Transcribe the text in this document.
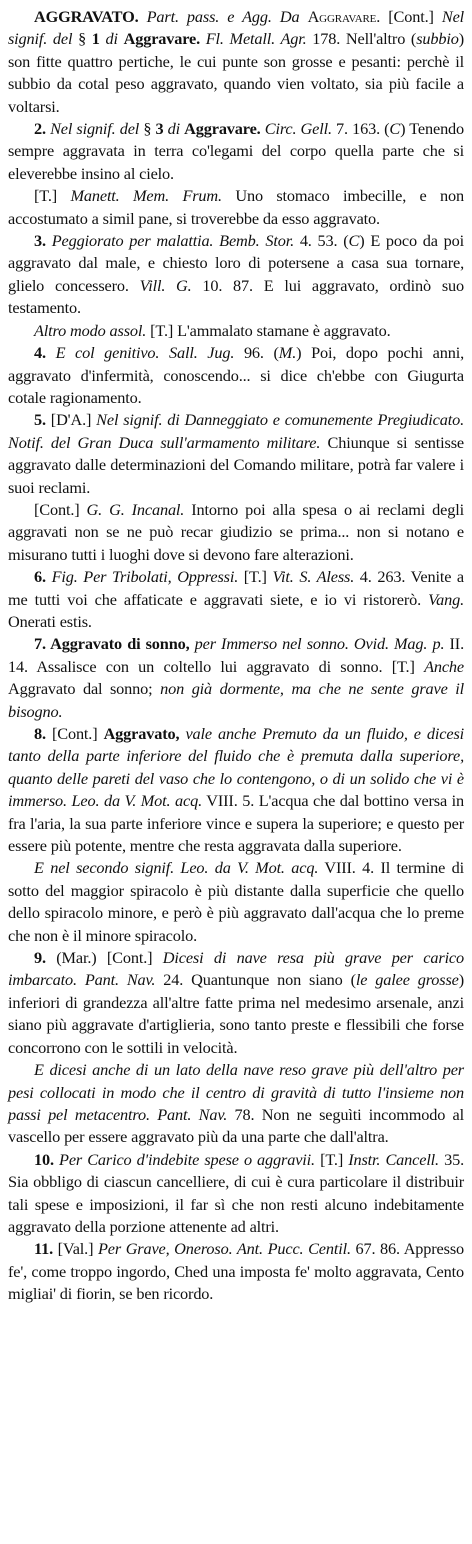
AGGRAVATO. Part. pass. e Agg. Da Aggravare. [Cont.] Nel signif. del § 1 di Aggravare. Fl. Metall. Agr. 178. Nell'altro (subbio) son fitte quattro pertiche, le cui punte son grosse e pesanti: perchè il subbio da cotal peso aggravato, quando vien voltato, sia più facile a voltarsi.

2. Nel signif. del § 3 di Aggravare. Circ. Gell. 7. 163. (C) Tenendo sempre aggravata in terra co'legami del corpo quella parte che si eleverebbe insino al cielo.

[T.] Manett. Mem. Frum. Uno stomaco imbecille, e non accostumato a simil pane, si troverebbe da esso aggravato.

3. Peggiorato per malattia. Bemb. Stor. 4. 53. (C) E poco da poi aggravato dal male, e chiesto loro di potersene a casa sua tornare, glielo concessero. Vill. G. 10. 87. E lui aggravato, ordinò suo testamento.

Altro modo assol. [T.] L'ammalato stamane è aggravato.

4. E col genitivo. Sall. Jug. 96. (M.) Poi, dopo pochi anni, aggravato d'infermità, conoscendo... si dice ch'ebbe con Giugurta cotale ragionamento.

5. [D'A.] Nel signif. di Danneggiato e comunemente Pregiudicato. Notif. del Gran Duca sull'armamento militare. Chiunque si sentisse aggravato dalle determinazioni del Comando militare, potrà far valere i suoi reclami.

[Cont.] G. G. Incanal. Intorno poi alla spesa o ai reclami degli aggravati non se ne può recar giudizio se prima... non si notano e misurano tutti i luoghi dove si devono fare alterazioni.

6. Fig. Per Tribolati, Oppressi. [T.] Vit. S. Aless. 4. 263. Venite a me tutti voi che affaticate e aggravati siete, e io vi ristorerò. Vang. Onerati estis.

7. Aggravato di sonno, per Immerso nel sonno. Ovid. Mag. p. II. 14. Assalisce con un coltello lui aggravato di sonno. [T.] Anche Aggravato dal sonno; non già dormente, ma che ne sente grave il bisogno.

8. [Cont.] Aggravato, vale anche Premuto da un fluido, e dicesi tanto della parte inferiore del fluido che è premuta dalla superiore, quanto delle pareti del vaso che lo contengono, o di un solido che vi è immerso. Leo. da V. Mot. acq. VIII. 5. L'acqua che dal bottino versa in fra l'aria, la sua parte inferiore vince e supera la superiore; e questo per essere più potente, mentre che resta aggravata dalla superiore.

E nel secondo signif. Leo. da V. Mot. acq. VIII. 4. Il termine di sotto del maggior spiracolo è più distante dalla superficie che quello dello spiracolo minore, e però è più aggravato dall'acqua che lo preme che non è il minore spiracolo.

9. (Mar.) [Cont.] Dicesi di nave resa più grave per carico imbarcato. Pant. Nav. 24. Quantunque non siano (le galee grosse) inferiori di grandezza all'altre fatte prima nel medesimo arsenale, anzi siano più aggravate d'artiglieria, sono tanto preste e flessibili che forse concorrono con le sottili in velocità.

E dicesi anche di un lato della nave reso grave più dell'altro per pesi collocati in modo che il centro di gravità di tutto l'insieme non passi pel metacentro. Pant. Nav. 78. Non ne seguìti incommodo al vascello per essere aggravato più da una parte che dall'altra.

10. Per Carico d'indebite spese o aggravii. [T.] Instr. Cancell. 35. Sia obbligo di ciascun cancelliere, di cui è cura particolare il distribuir tali spese e imposizioni, il far sì che non resti alcuno indebitamente aggravato della porzione attenente ad altri.

11. [Val.] Per Grave, Oneroso. Ant. Pucc. Centil. 67. 86. Appresso fe', come troppo ingordo, Ched una imposta fe' molto aggravata, Cento migliai' di fiorin, se ben ricordo.
